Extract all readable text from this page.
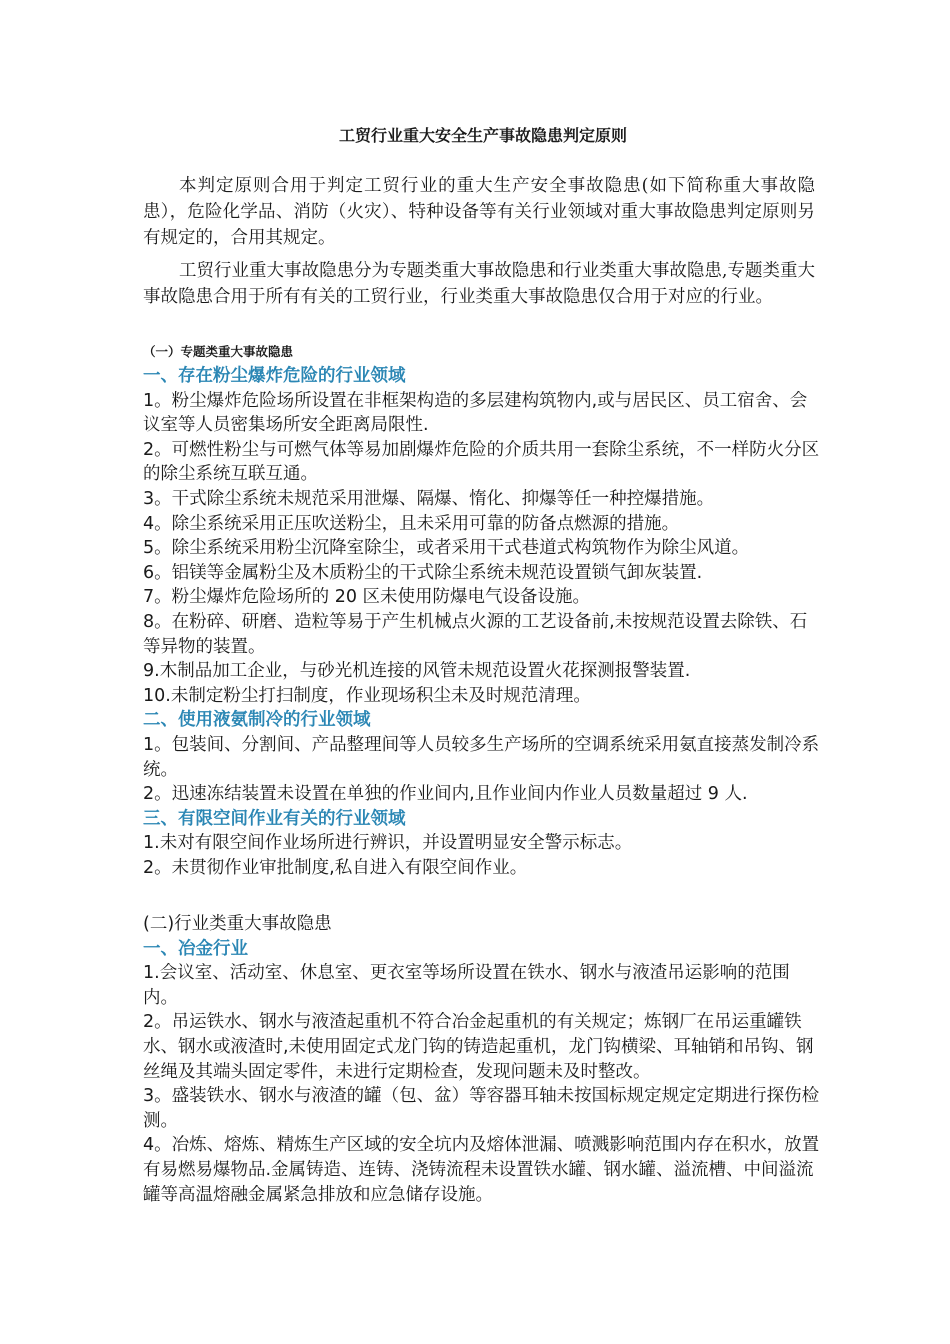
工贸行业重大安全生产事故隐患判定原则

本判定原则合用于判定工贸行业的重大生产安全事故隐患(如下简称重大事故隐患），危险化学品、消防（火灾）、特种设备等有关行业领域对重大事故隐患判定原则另有规定的，合用其规定。

工贸行业重大事故隐患分为专题类重大事故隐患和行业类重大事故隐患,专题类重大事故隐患合用于所有有关的工贸行业，行业类重大事故隐患仅合用于对应的行业。

（一）专题类重大事故隐患

一、存在粉尘爆炸危险的行业领域

1。粉尘爆炸危险场所设置在非框架构造的多层建构筑物内,或与居民区、员工宿舍、会议室等人员密集场所安全距离局限性.

2。可燃性粉尘与可燃气体等易加剧爆炸危险的介质共用一套除尘系统，不一样防火分区的除尘系统互联互通。

3。干式除尘系统未规范采用泄爆、隔爆、惰化、抑爆等任一种控爆措施。

4。除尘系统采用正压吹送粉尘，且未采用可靠的防备点燃源的措施。

5。除尘系统采用粉尘沉降室除尘，或者采用干式巷道式构筑物作为除尘风道。

6。铝镁等金属粉尘及木质粉尘的干式除尘系统未规范设置锁气卸灰装置.

7。粉尘爆炸危险场所的 20 区未使用防爆电气设备设施。

8。在粉碎、研磨、造粒等易于产生机械点火源的工艺设备前,未按规范设置去除铁、石等异物的装置。

9.木制品加工企业，与砂光机连接的风管未规范设置火花探测报警装置.

10.未制定粉尘打扫制度，作业现场积尘未及时规范清理。

二、使用液氨制冷的行业领域

1。包装间、分割间、产品整理间等人员较多生产场所的空调系统采用氨直接蒸发制冷系统。

2。迅速冻结装置未设置在单独的作业间内,且作业间内作业人员数量超过 9 人.

三、有限空间作业有关的行业领域

1.未对有限空间作业场所进行辨识，并设置明显安全警示标志。

2。未贯彻作业审批制度,私自进入有限空间作业。

(二)行业类重大事故隐患

一、冶金行业

1.会议室、活动室、休息室、更衣室等场所设置在铁水、钢水与液渣吊运影响的范围内。

2。吊运铁水、钢水与液渣起重机不符合冶金起重机的有关规定；炼钢厂在吊运重罐铁水、钢水或液渣时,未使用固定式龙门钩的铸造起重机，龙门钩横梁、耳轴销和吊钩、钢丝绳及其端头固定零件，未进行定期检查，发现问题未及时整改。

3。盛装铁水、钢水与液渣的罐（包、盆）等容器耳轴未按国标规定规定定期进行探伤检测。

4。冶炼、熔炼、精炼生产区域的安全坑内及熔体泄漏、喷溅影响范围内存在积水，放置有易燃易爆物品.金属铸造、连铸、浇铸流程未设置铁水罐、钢水罐、溢流槽、中间溢流罐等高温熔融金属紧急排放和应急储存设施。
